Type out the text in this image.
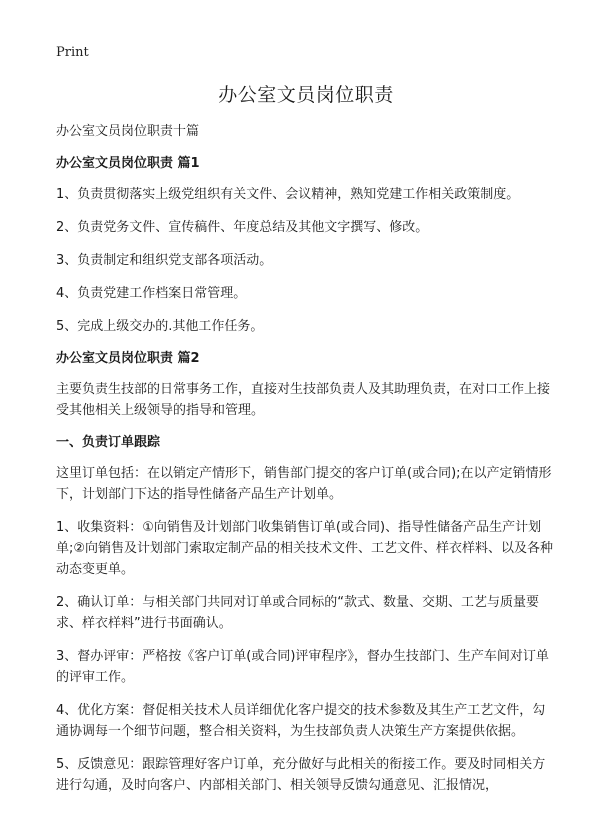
Print
办公室文员岗位职责
办公室文员岗位职责十篇
办公室文员岗位职责 篇1
1、负责贯彻落实上级党组织有关文件、会议精神，熟知党建工作相关政策制度。
2、负责党务文件、宣传稿件、年度总结及其他文字撰写、修改。
3、负责制定和组织党支部各项活动。
4、负责党建工作档案日常管理。
5、完成上级交办的.其他工作任务。
办公室文员岗位职责 篇2
主要负责生技部的日常事务工作，直接对生技部负责人及其助理负责，在对口工作上接受其他相关上级领导的指导和管理。
一、负责订单跟踪
这里订单包括：在以销定产情形下，销售部门提交的客户订单(或合同);在以产定销情形下，计划部门下达的指导性储备产品生产计划单。
1、收集资料：①向销售及计划部门收集销售订单(或合同)、指导性储备产品生产计划单;②向销售及计划部门索取定制产品的相关技术文件、工艺文件、样衣样料、以及各种动态变更单。
2、确认订单：与相关部门共同对订单或合同标的“款式、数量、交期、工艺与质量要求、样衣样料”进行书面确认。
3、督办评审：严格按《客户订单(或合同)评审程序》，督办生技部门、生产车间对订单的评审工作。
4、优化方案：督促相关技术人员详细优化客户提交的技术参数及其生产工艺文件，勾通协调每一个细节问题，整合相关资料，为生技部负责人决策生产方案提供依据。
5、反馈意见：跟踪管理好客户订单，充分做好与此相关的衔接工作。要及时同相关方进行勾通，及时向客户、内部相关部门、相关领导反馈勾通意见、汇报情况，
